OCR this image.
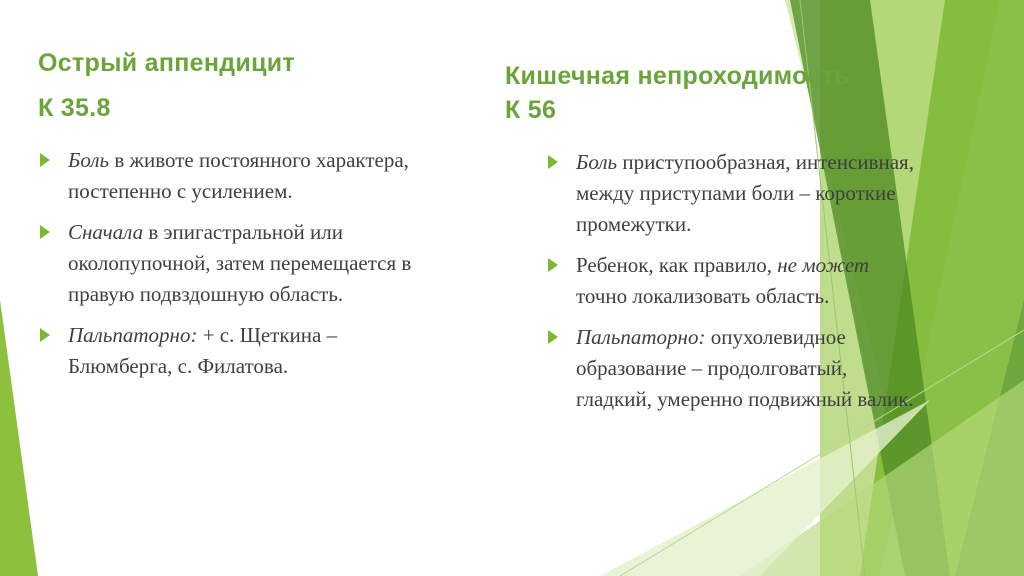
Острый аппендицит
К 35.8
Кишечная непроходимость
К 56
Боль в животе постоянного характера, постепенно с усилением.
Сначала в эпигастральной или околопупочной, затем перемещается в правую подвздошную область.
Пальпаторно: + с. Щеткина – Блюмберга, с. Филатова.
Боль приступообразная, интенсивная, между приступами боли – короткие промежутки.
Ребенок, как правило, не может точно локализовать область.
Пальпаторно: опухолевидное образование – продолговатый, гладкий, умеренно подвижный валик.
